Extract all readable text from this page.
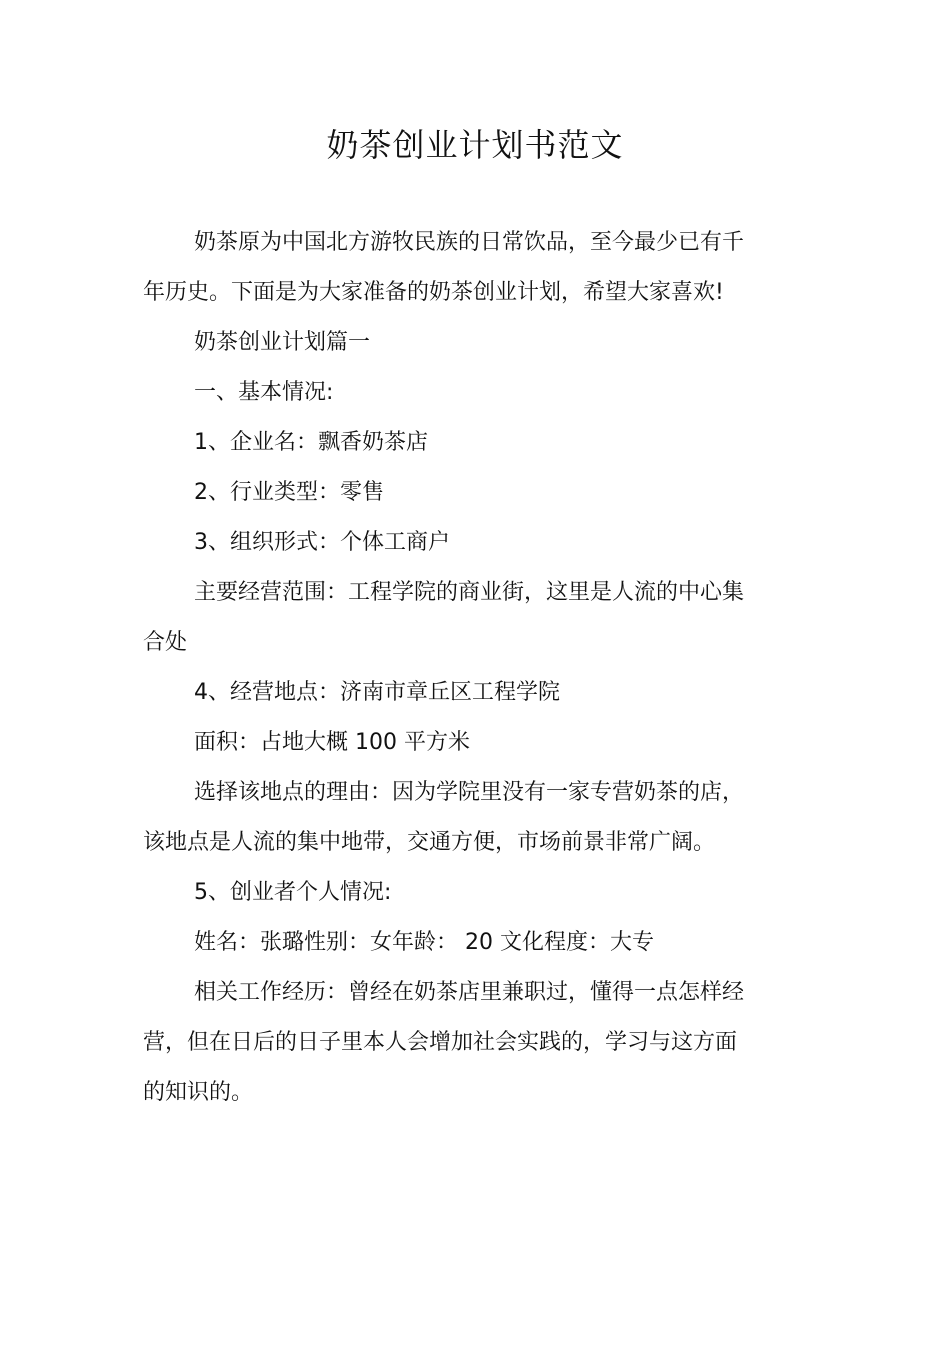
奶茶创业计划书范文

奶茶原为中国北方游牧民族的日常饮品，至今最少已有千年历史。下面是为大家准备的奶茶创业计划，希望大家喜欢!

奶茶创业计划篇一

一、基本情况:

1、企业名：飘香奶茶店

2、行业类型：零售

3、组织形式：个体工商户

主要经营范围：工程学院的商业街，这里是人流的中心集合处

4、经营地点：济南市章丘区工程学院

面积：占地大概 100 平方米

选择该地点的理由：因为学院里没有一家专营奶茶的店，该地点是人流的集中地带，交通方便，市场前景非常广阔。

5、创业者个人情况:

姓名：张璐性别：女年龄： 20 文化程度：大专

相关工作经历：曾经在奶茶店里兼职过，懂得一点怎样经营，但在日后的日子里本人会增加社会实践的，学习与这方面的知识的。
